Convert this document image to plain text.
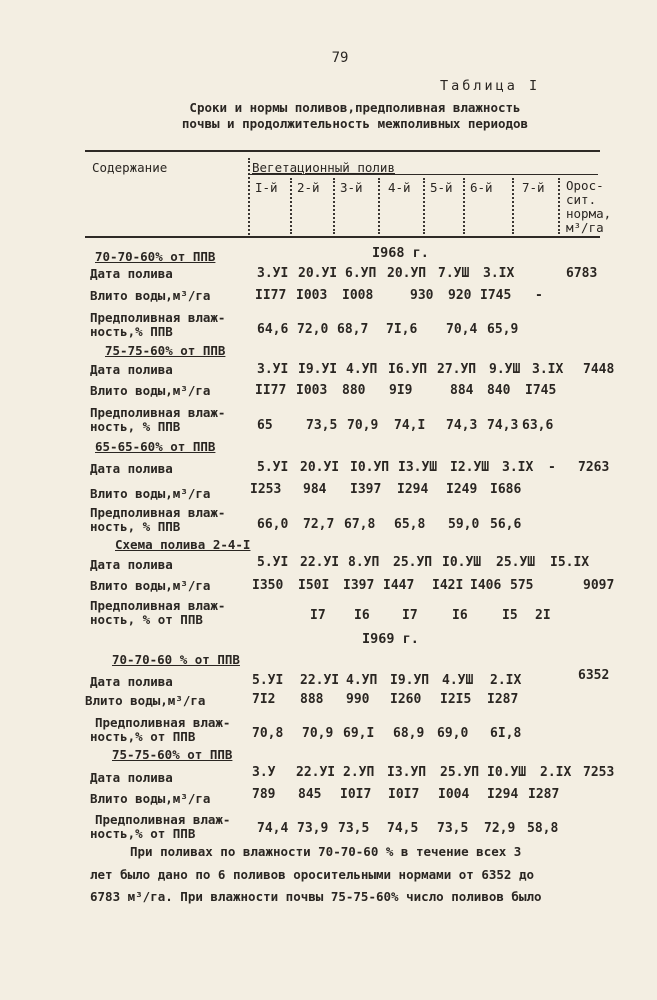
79
Таблица I
Сроки и нормы поливов,предполивная влажность
почвы и продолжительность межполивных периодов
Содержание	Вегетационный полив
I-й 2-й 3-й 4-й 5-й 6-й 7-й Орос-
сит.
норма,
м³/га
I968 г.
70-70-60% от ППВ
Дата полива	3.УI 20.УI 6.УП 20.УП 7.УШ 3.IX	6783
Влито воды,м³/га	II77 I003 I008	930 920 I745 -
Предполивная влаж-
ность,% ППВ	64,6 72,0 68,7 7I,6 70,4 65,9
75-75-60% от ППВ
Дата полива	3.УI I9.УI 4.УП I6.УП 27.УП 9.УШ 3.IX 7448
Влито воды,м³/га	II77 I003 880 9I9	884 840 I745
Предполивная влаж-
ность, % ППВ	65	73,5 70,9 74,I 74,3 74,3 63,6
65-65-60% от ППВ
Дата полива	5.УI 20.УI I0.УП I3.УШ I2.УШ 3.IX - 7263
Влито воды,м³/га	I253 984 I397 I294 I249 I686
Предполивная влаж-
ность, % ППВ	66,0 72,7 67,8 65,8 59,0 56,6
Схема полива 2-4-I
Дата полива	5.УI 22.УI 8.УП 25.УП I0.УШ 25.УШ I5.IX
Влито воды,м³/га	I350 I50I I397 I447 I42I I406 575	9097
Предполивная влаж-
ность, % от ППВ	I7 I6 I7	I6	I5 2I
I969 г.
70-70-60 % от ППВ
Дата полива	5.УI 22.УI 4.УП I9.УП 4.УШ 2.IX	6352
Влито воды,м³/га	7I2 888 990 I260 I2I5 I287
Предполивная влаж-
ность,% от ППВ	70,8 70,9 69,I 68,9 69,0 6I,8
75-75-60% от ППВ
Дата полива	3.У 22.УI 2.УП I3.УП 25.УП I0.УШ 2.IX 7253
Влито воды,м³/га	789 845 I0I7 I0I7 I004 I294 I287
Предполивная влаж-
ность,% от ППВ	74,4 73,9 73,5 74,5 73,5 72,9 58,8
При поливах по влажности 70-70-60 % в течение всех 3
лет было дано по 6 поливов оросительными нормами от 6352 до
6783 м³/га. При влажности почвы 75-75-60% число поливов было
